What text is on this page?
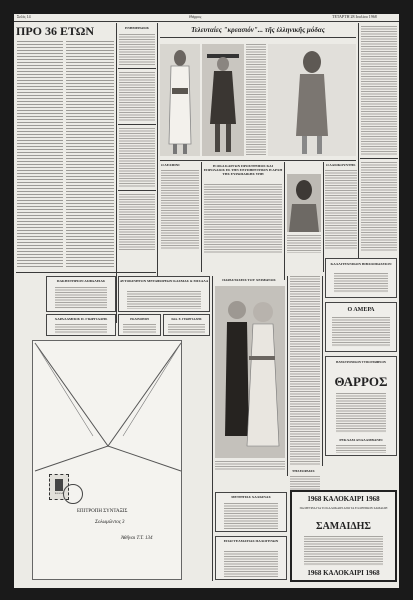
Σελίς 14	Θάρρος	ΤΕΤΑΡΤΗ 28 Ιουλίου 1968
ΠΡΟ 36 ΕΤΩΝ	ΕΝΗΜΕΡΩΣΙΣ	Τελευταίες "κρεασιόν"... τῆς ἑλληνικῆς μόδας
Ο ΔΕΛΦΙΝΙ	Η ΟΚΑ ΚΑΡΓΩΝ ΠΡΟΣΤΡΕΦΟΣ ΚΑΙ ΕΠΡΟΛΑΙΟΣ ΕΣ ΤΗΝ ΕΞΥΠΗΡΕΤΗΣΙΝ Η ΑΡΧΗ ΤΗΣ ΕΥΡΩΠΑΙΚΗΣ ΥΗΗ
Ο ΔΑΣΙΚΟΥΝΤΗΣ
ΠΑΚΗΣΤΗΡΙΟΝ ΑΣΦΑΛΕΙΑΣ
ΧΑΡΑΛΑΜΠΟΣ Π. ΓΙΩΡΓΙΑΔΗΣ
ΑΥΤΟΚΙΝΗΤΟΝ ΜΕΤΑΦΟΡΕΩΝ ΚΑΣΜΑΣ & ΜΙΧΑΛΑ
ΕΚΔΙΝΟΗΣΗ	ΙΩΑ. Ε. ΓΕΩΡΓΙΑΔΗΣ
ΕΛΛΑΣ
ΕΠΙΤΡΟΠΗ ΣΥΝΤΑΞΙΣ
Σολωμῶντος 3
Ἀθῆναι Τ.Τ. 134
ΠΑΡΑΣΤΑΣΕΙΣ ΤΟΥ ΧΕΙΜΩΝΟΣ
ΤΗΛΕΟΡΑΣΙΣ
ΚΑΛΛΙΤΕΧΝΙΚΟΝ ΒΙΒΛΙΟΠΩΛΕΙΟΝ
Ο ΑΜΕΡΑ
ΗΛΕΚΤΡΟΝΙΚΟΝ ΤΥΠΟΓΡΑΦΕΙΟΝ
ΘΑΡΡΟΣ
ΡΕΚΛΑΜ ΑΝΑΛΑΜΒΑΝΕΙ
ΜΕΤΡΗΤΑΣ ΧΑΛΚΙΝΑΣ
ΕΠΑΓΓΕΛΜΑΤΙΑΣ ΠΑΛΟΓΕΝΩΝ
1968 ΚΑΛΟΚΑΙΡΙ 1968
ΠΑ ΜΕΤΡΙΑ ΓΙΑ ΤΟ ΚΑΛΟΚΑΙΡΙ ΑΠΟ ΤΑ ΕΛΛΗΝΙΚΟΝ ΣΑΜΑΙΔΗ
ΣΑΜΑΙΔΗΣ
1968 ΚΑΛΟΚΑΙΡΙ 1968
